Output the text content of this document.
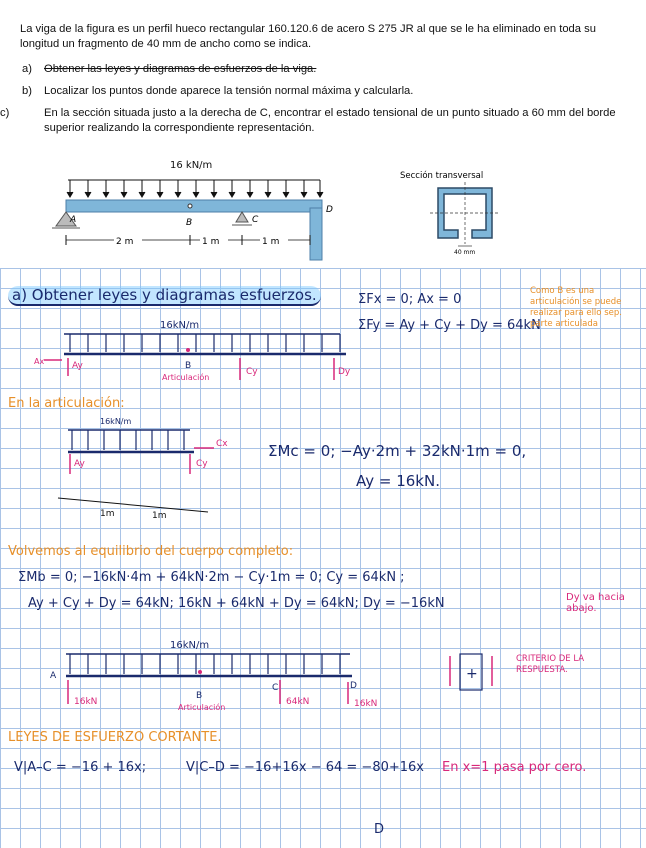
La viga de la figura es un perfil hueco rectangular 160.120.6 de acero S 275 JR al que se le ha eliminado en toda su longitud un fragmento de 40 mm de ancho como se indica.

a) Obtener las leyes y diagramas de esfuerzos de la viga.
b) Localizar los puntos donde aparece la tensión normal máxima y calcularla.
c)	En la sección situada justo a la derecha de C, encontrar el estado tensional de un punto situado a 60 mm del borde superior realizando la correspondiente representación.
16 kN/m
A	B	C
D
2 m	1 m	1 m
Sección transversal
40 mm
a) Obtener leyes y diagramas esfuerzos.	ΣFx = 0; Ax = 0
ΣFy = Ay + Cy + Dy = 64kN
Como B es una articulación se puede realizar para ello sep. parte articulada
16kN/m
Ax	Ay	B
Articulación
Cy	Dy
En la articulación:
16kN/m
Cx
Ay	Cy
1m	1m
ΣMc = 0; −Ay·2m + 32kN·1m = 0,
Ay = 16kN.
Volvemos al equilibrio del cuerpo completo:
ΣMb = 0; −16kN·4m + 64kN·2m − Cy·1m = 0; Cy = 64kN ;
Ay + Cy + Dy = 64kN; 16kN + 64kN + Dy = 64kN; Dy = −16kN	Dy va hacia abajo.
16kN/m
A
B
C	D
16kN
Articulación
64kN	16kN
+
CRITERIO DE LA RESPUESTA.
LEYES DE ESFUERZO CORTANTE.
V|A–C = −16 + 16x;	V|C–D = −16+16x − 64 = −80+16x En x=1 pasa por cero.
D
